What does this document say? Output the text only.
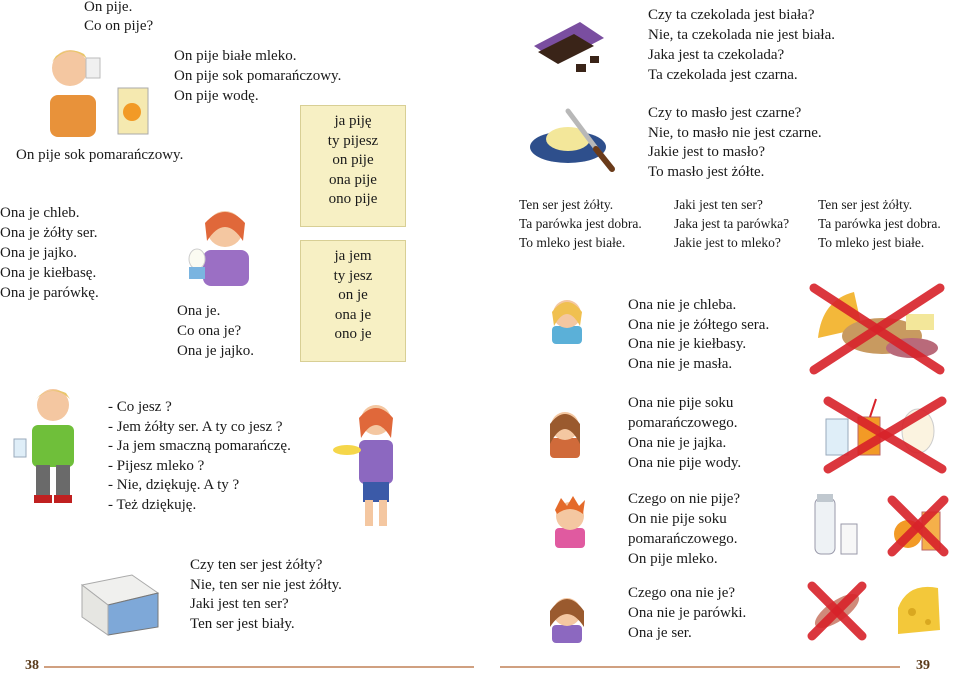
On pije.
Co on pije?
On pije białe mleko.
On pije sok pomarańczowy.
On pije wodę.
On pije sok pomarańczowy.
Ona je chleb.
Ona je żółty ser.
Ona je jajko.
Ona je kiełbasę.
Ona je parówkę.
Ona je.
Co ona je?
Ona je jajko.
ja piję
ty pijesz
on pije
ona pije
ono pije
ja jem
ty jesz
on je
ona je
ono je
- Co jesz ?
- Jem żółty ser. A ty co jesz ?
- Ja jem smaczną pomarańczę.
- Pijesz mleko ?
- Nie, dziękuję. A ty ?
- Też dziękuję.
Czy ten ser jest żółty?
Nie, ten ser nie jest żółty.
Jaki jest ten ser?
Ten ser jest biały.
38
Czy ta czekolada jest biała?
Nie, ta czekolada nie jest biała.
Jaka jest ta czekolada?
Ta czekolada jest czarna.
Czy to masło jest czarne?
Nie, to masło nie jest czarne.
Jakie jest to masło?
To masło jest żółte.
Ten ser jest żółty.
Ta parówka jest dobra.
To mleko jest białe.
Jaki jest ten ser?
Jaka jest ta parówka?
Jakie jest to mleko?
Ten ser jest żółty.
Ta parówka jest dobra.
To mleko jest białe.
Ona nie je chleba.
Ona nie je żółtego sera.
Ona nie je kiełbasy.
Ona nie je masła.
Ona nie pije soku
pomarańczowego.
Ona nie je jajka.
Ona nie pije wody.
Czego on nie pije?
On nie pije soku
pomarańczowego.
On pije mleko.
Czego ona nie je?
Ona nie je parówki.
Ona je ser.
39
